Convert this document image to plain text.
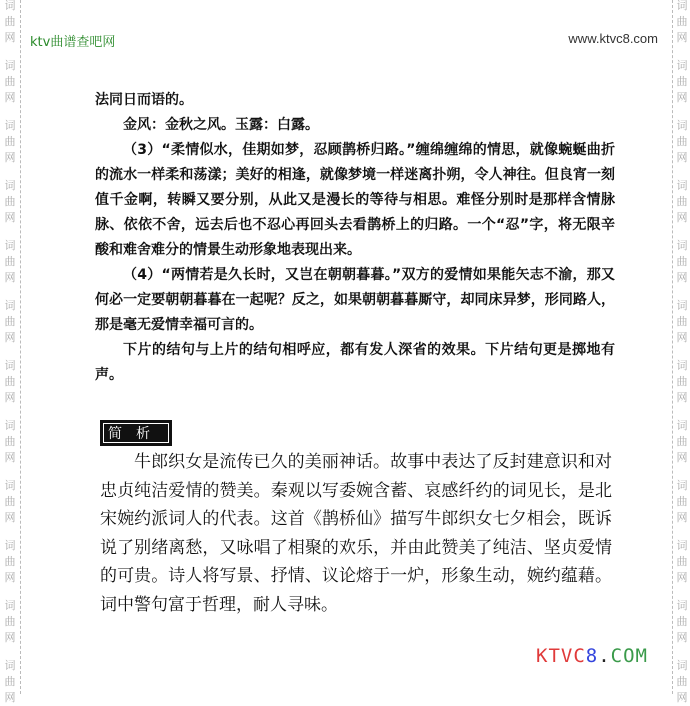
词
曲
网
词
曲
网
词
曲
网
词
曲
网
词
曲
网
词
曲
网
词
曲
网
词
曲
网
词
曲
网
词
曲
网
词
曲
网
词
曲
网
词
曲
网
词
曲
网
词
曲
网
词
曲
网
词
曲
网
词
曲
网
词
曲
网
词
曲
网
词
曲
网
词
曲
网
词
曲
网
词
曲
网
ktv曲谱查吧网	www.ktvc8.com

法同日而语的。

金风：金秋之风。玉露：白露。

（3）“柔情似水，佳期如梦，忍顾鹊桥归路。”缠绵缠绵的情思，就像蜿蜒曲折的流水一样柔和荡漾；美好的相逢，就像梦境一样迷离扑朔，令人神往。但良宵一刻值千金啊，转瞬又要分别，从此又是漫长的等待与相思。难怪分别时是那样含情脉脉、依依不舍，远去后也不忍心再回头去看鹊桥上的归路。一个“忍”字，将无限辛酸和难舍难分的情景生动形象地表现出来。

（4）“两情若是久长时，又岂在朝朝暮暮。”双方的爱情如果能矢志不渝，那又何必一定要朝朝暮暮在一起呢？反之，如果朝朝暮暮厮守，却同床异梦，形同路人，那是毫无爱情幸福可言的。

下片的结句与上片的结句相呼应，都有发人深省的效果。下片结句更是掷地有声。

简析

牛郎织女是流传已久的美丽神话。故事中表达了反封建意识和对忠贞纯洁爱情的赞美。秦观以写委婉含蓄、哀感纤约的词见长，是北宋婉约派词人的代表。这首《鹊桥仙》描写牛郎织女七夕相会，既诉说了别绪离愁，又咏唱了相聚的欢乐，并由此赞美了纯洁、坚贞爱情的可贵。诗人将写景、抒情、议论熔于一炉，形象生动，婉约蕴藉。词中警句富于哲理，耐人寻味。

KTVC8.COM
